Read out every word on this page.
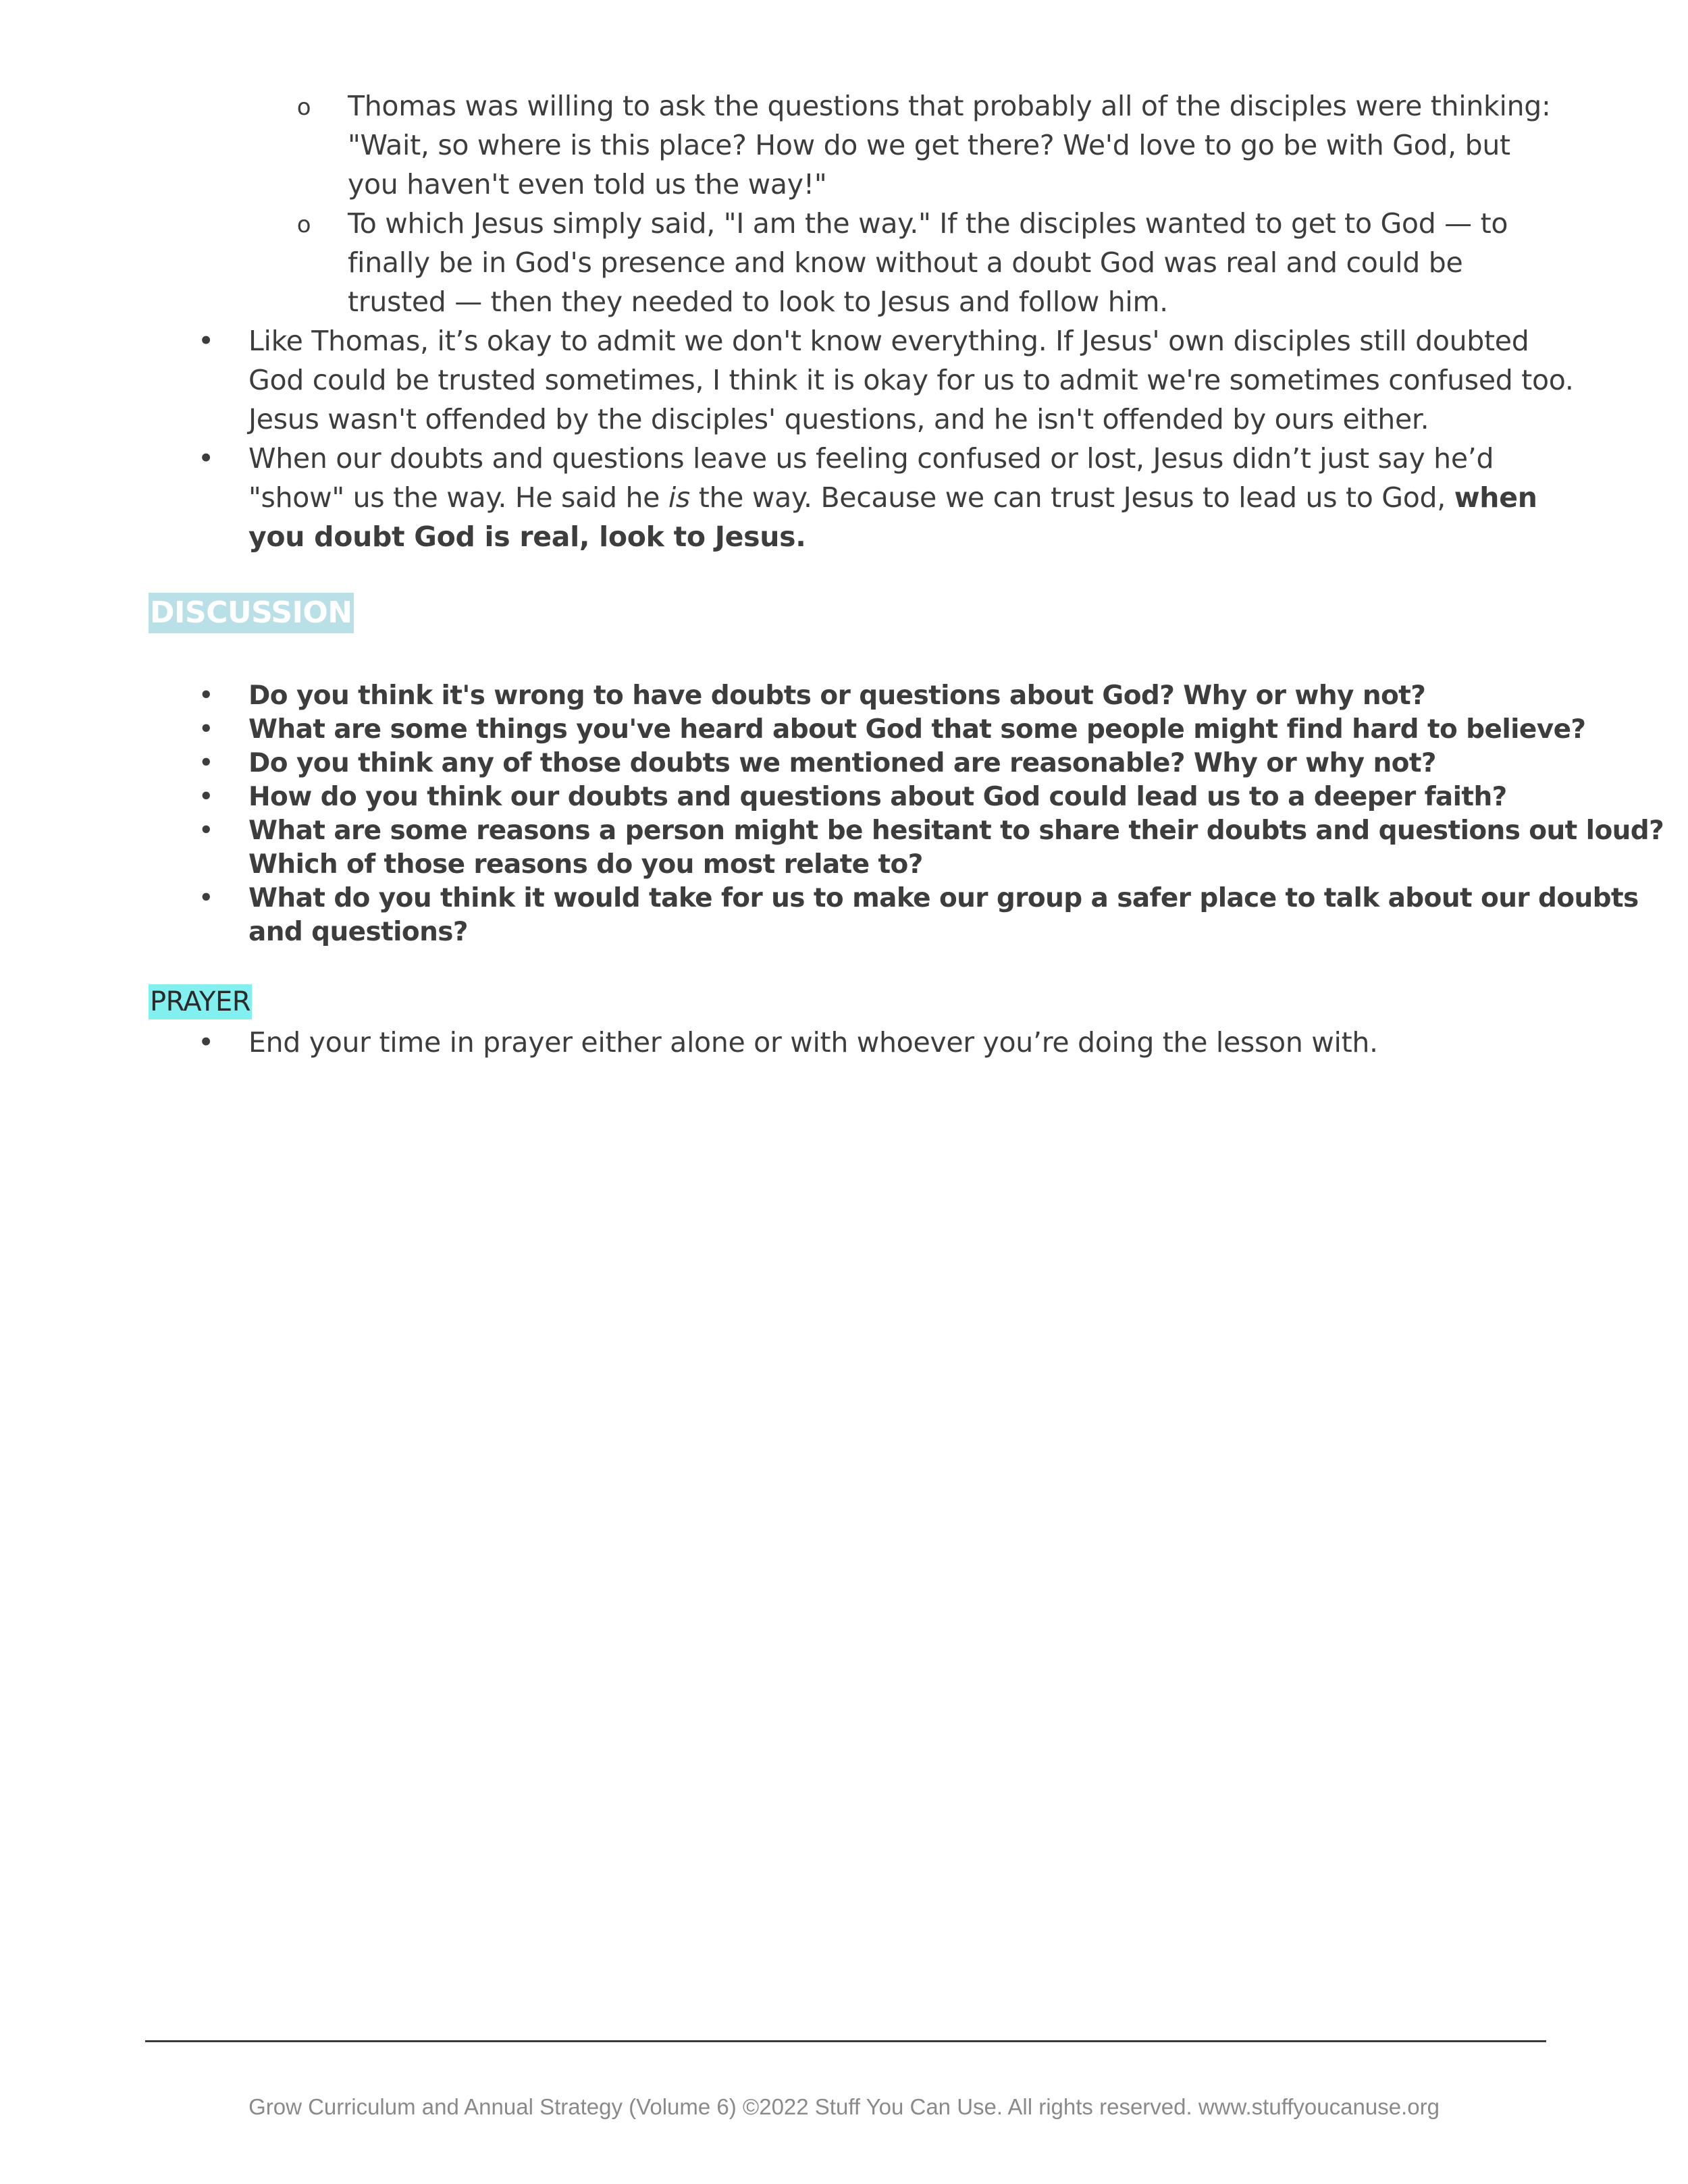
o Thomas was willing to ask the questions that probably all of the disciples were thinking:
"Wait, so where is this place? How do we get there? We'd love to go be with God, but
you haven't even told us the way!"
o To which Jesus simply said, "I am the way." If the disciples wanted to get to God — to
finally be in God's presence and know without a doubt God was real and could be
trusted — then they needed to look to Jesus and follow him.
• Like Thomas, it’s okay to admit we don't know everything. If Jesus' own disciples still doubted
God could be trusted sometimes, I think it is okay for us to admit we're sometimes confused too.
Jesus wasn't offended by the disciples' questions, and he isn't offended by ours either.
• When our doubts and questions leave us feeling confused or lost, Jesus didn’t just say he’d
"show" us the way. He said he is the way. Because we can trust Jesus to lead us to God, when
you doubt God is real, look to Jesus.
DISCUSSION
• Do you think it's wrong to have doubts or questions about God? Why or why not?
• What are some things you've heard about God that some people might find hard to believe?
• Do you think any of those doubts we mentioned are reasonable? Why or why not?
• How do you think our doubts and questions about God could lead us to a deeper faith?
• What are some reasons a person might be hesitant to share their doubts and questions out loud?
Which of those reasons do you most relate to?
• What do you think it would take for us to make our group a safer place to talk about our doubts
and questions?
PRAYER
• End your time in prayer either alone or with whoever you’re doing the lesson with.
Grow Curriculum and Annual Strategy (Volume 6) ©2022 Stuff You Can Use. All rights reserved. www.stuffyoucanuse.org
